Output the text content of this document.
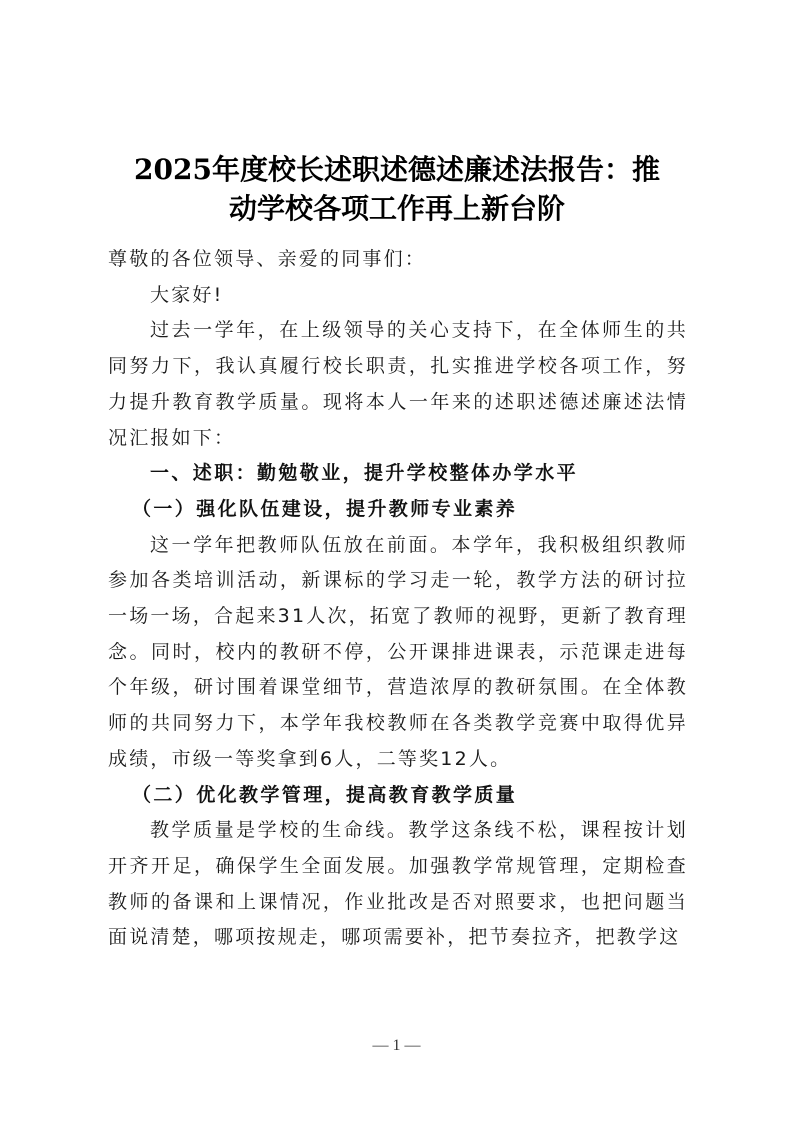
2025年度校长述职述德述廉述法报告：推
动学校各项工作再上新台阶

尊敬的各位领导、亲爱的同事们：

大家好!

过去一学年，在上级领导的关心支持下，在全体师生的共同努力下，我认真履行校长职责，扎实推进学校各项工作，努力提升教育教学质量。现将本人一年来的述职述德述廉述法情况汇报如下：

一、述职：勤勉敬业，提升学校整体办学水平

（一）强化队伍建设，提升教师专业素养

这一学年把教师队伍放在前面。本学年，我积极组织教师参加各类培训活动，新课标的学习走一轮，教学方法的研讨拉一场一场，合起来31人次，拓宽了教师的视野，更新了教育理念。同时，校内的教研不停，公开课排进课表，示范课走进每个年级，研讨围着课堂细节，营造浓厚的教研氛围。在全体教师的共同努力下，本学年我校教师在各类教学竞赛中取得优异成绩，市级一等奖拿到6人，二等奖12人。

（二）优化教学管理，提高教育教学质量

教学质量是学校的生命线。教学这条线不松，课程按计划开齐开足，确保学生全面发展。加强教学常规管理，定期检查教师的备课和上课情况，作业批改是否对照要求，也把问题当面说清楚，哪项按规走，哪项需要补，把节奏拉齐，把教学这

— 1 —
